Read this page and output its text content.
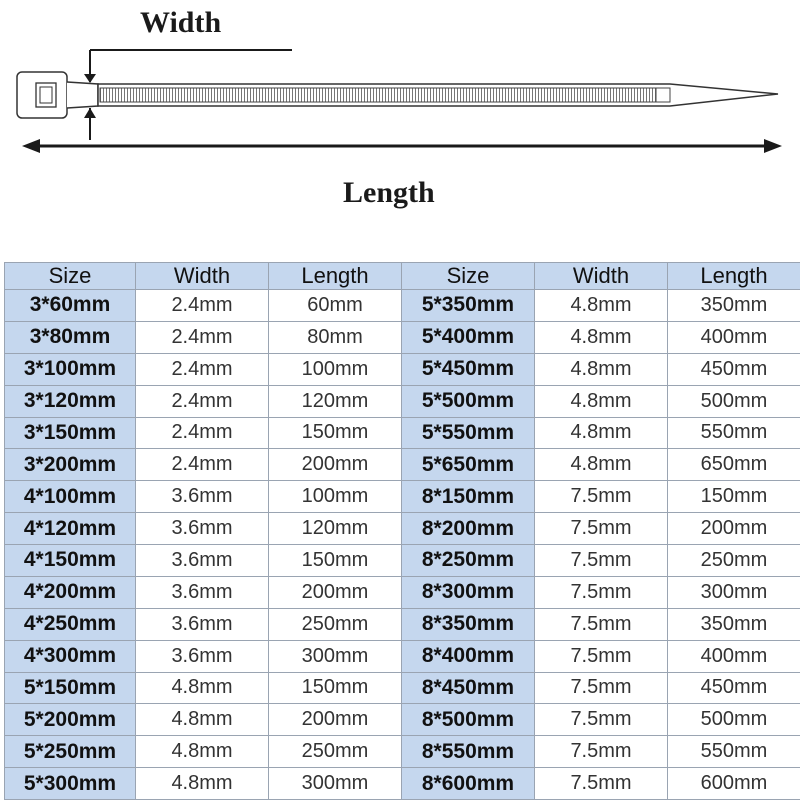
Width

Length

Size	Width	Length	Size	Width	Length
3*60mm	2.4mm	60mm	5*350mm	4.8mm	350mm
3*80mm	2.4mm	80mm	5*400mm	4.8mm	400mm
3*100mm	2.4mm	100mm	5*450mm	4.8mm	450mm
3*120mm	2.4mm	120mm	5*500mm	4.8mm	500mm
3*150mm	2.4mm	150mm	5*550mm	4.8mm	550mm
3*200mm	2.4mm	200mm	5*650mm	4.8mm	650mm
4*100mm	3.6mm	100mm	8*150mm	7.5mm	150mm
4*120mm	3.6mm	120mm	8*200mm	7.5mm	200mm
4*150mm	3.6mm	150mm	8*250mm	7.5mm	250mm
4*200mm	3.6mm	200mm	8*300mm	7.5mm	300mm
4*250mm	3.6mm	250mm	8*350mm	7.5mm	350mm
4*300mm	3.6mm	300mm	8*400mm	7.5mm	400mm
5*150mm	4.8mm	150mm	8*450mm	7.5mm	450mm
5*200mm	4.8mm	200mm	8*500mm	7.5mm	500mm
5*250mm	4.8mm	250mm	8*550mm	7.5mm	550mm
5*300mm	4.8mm	300mm	8*600mm	7.5mm	600mm
